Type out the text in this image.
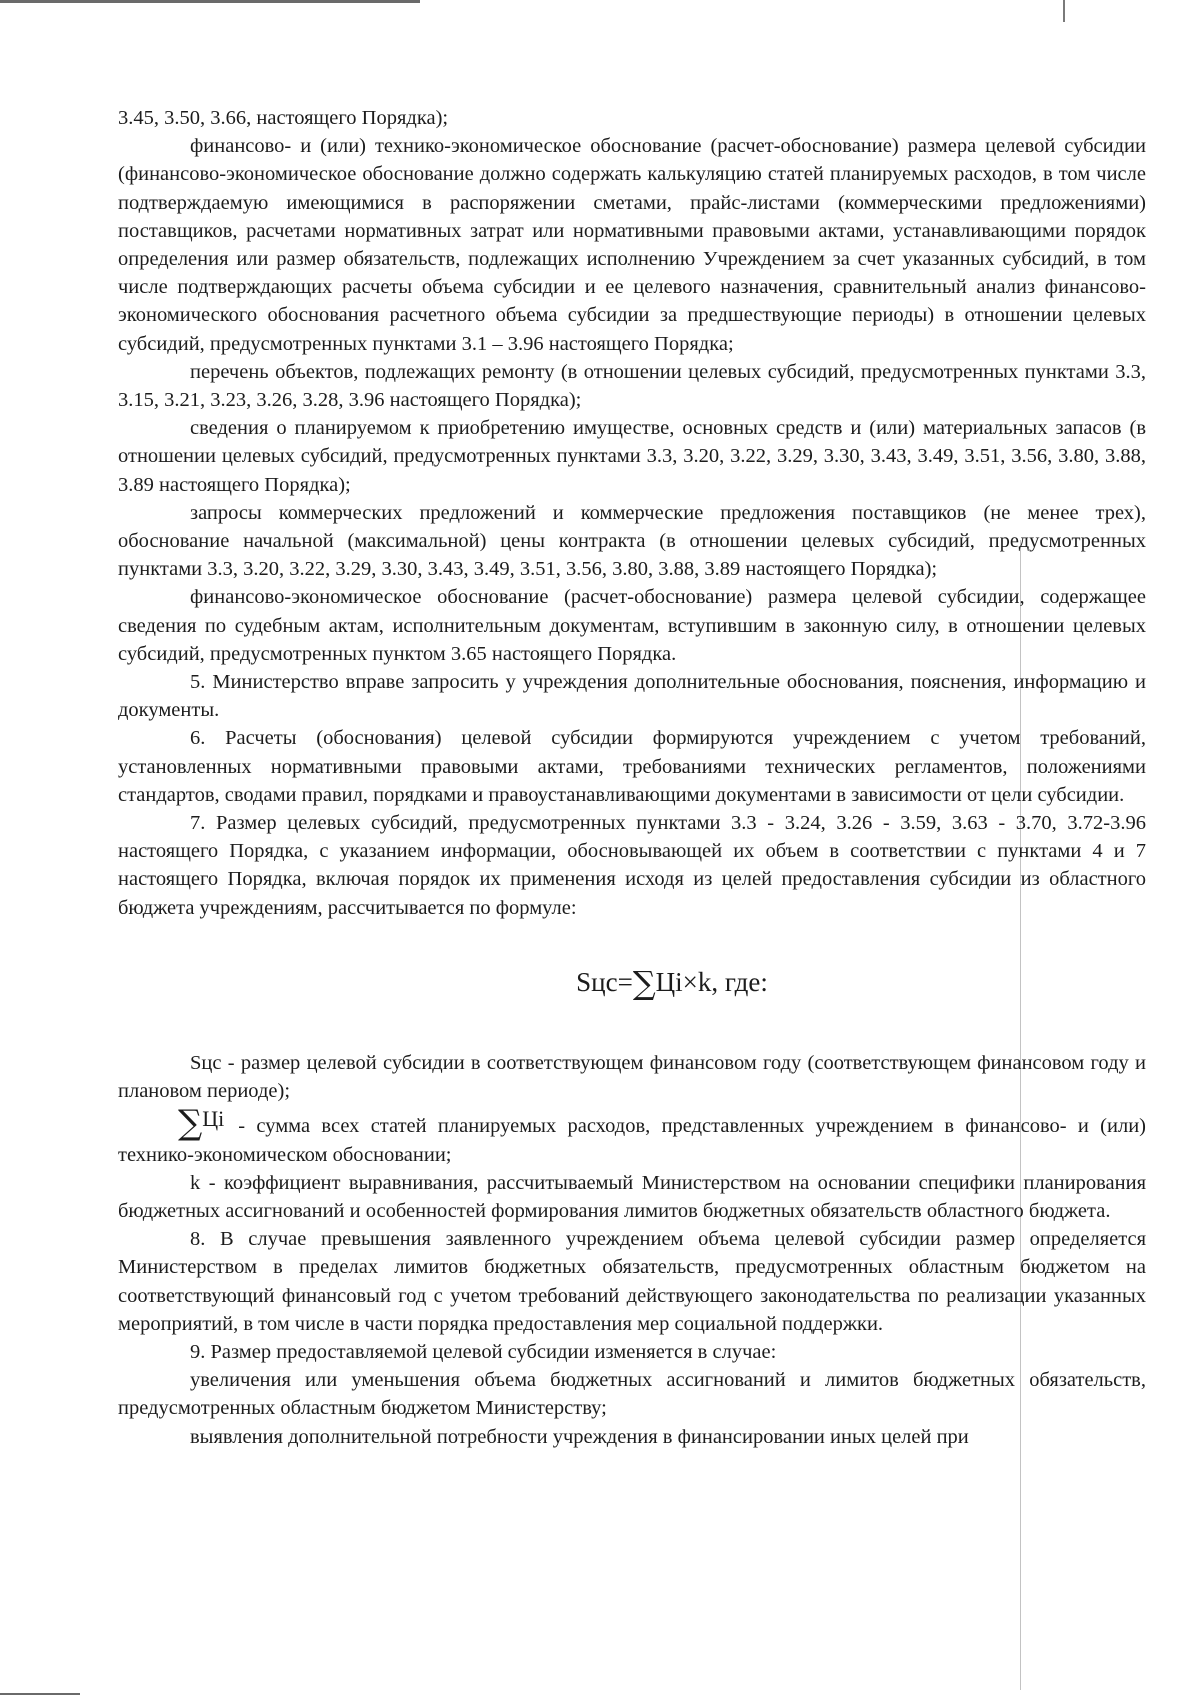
3.45, 3.50, 3.66, настоящего Порядка);

финансово- и (или) технико-экономическое обоснование (расчет-обоснование) размера целевой субсидии (финансово-экономическое обоснование должно содержать калькуляцию статей планируемых расходов, в том числе подтверждаемую имеющимися в распоряжении сметами, прайс-листами (коммерческими предложениями) поставщиков, расчетами нормативных затрат или нормативными правовыми актами, устанавливающими порядок определения или размер обязательств, подлежащих исполнению Учреждением за счет указанных субсидий, в том числе подтверждающих расчеты объема субсидии и ее целевого назначения, сравнительный анализ финансово-экономического обоснования расчетного объема субсидии за предшествующие периоды) в отношении целевых субсидий, предусмотренных пунктами 3.1 – 3.96 настоящего Порядка;

перечень объектов, подлежащих ремонту (в отношении целевых субсидий, предусмотренных пунктами 3.3, 3.15, 3.21, 3.23, 3.26, 3.28, 3.96 настоящего Порядка);

сведения о планируемом к приобретению имуществе, основных средств и (или) материальных запасов (в отношении целевых субсидий, предусмотренных пунктами 3.3, 3.20, 3.22, 3.29, 3.30, 3.43, 3.49, 3.51, 3.56, 3.80, 3.88, 3.89 настоящего Порядка);

запросы коммерческих предложений и коммерческие предложения поставщиков (не менее трех), обоснование начальной (максимальной) цены контракта (в отношении целевых субсидий, предусмотренных пунктами 3.3, 3.20, 3.22, 3.29, 3.30, 3.43, 3.49, 3.51, 3.56, 3.80, 3.88, 3.89 настоящего Порядка);

финансово-экономическое обоснование (расчет-обоснование) размера целевой субсидии, содержащее сведения по судебным актам, исполнительным документам, вступившим в законную силу, в отношении целевых субсидий, предусмотренных пунктом 3.65 настоящего Порядка.

5. Министерство вправе запросить у учреждения дополнительные обоснования, пояснения, информацию и документы.

6. Расчеты (обоснования) целевой субсидии формируются учреждением с учетом требований, установленных нормативными правовыми актами, требованиями технических регламентов, положениями стандартов, сводами правил, порядками и правоустанавливающими документами в зависимости от цели субсидии.

7. Размер целевых субсидий, предусмотренных пунктами 3.3 - 3.24, 3.26 - 3.59, 3.63 - 3.70, 3.72-3.96 настоящего Порядка, с указанием информации, обосновывающей их объем в соответствии с пунктами 4 и 7 настоящего Порядка, включая порядок их применения исходя из целей предоставления субсидии из областного бюджета учреждениям, рассчитывается по формуле:

Sцс=∑Цi×k, где:

Sцс - размер целевой субсидии в соответствующем финансовом году (соответствующем финансовом году и плановом периоде);

∑Цi - сумма всех статей планируемых расходов, представленных учреждением в финансово- и (или) технико-экономическом обосновании;

k - коэффициент выравнивания, рассчитываемый Министерством на основании специфики планирования бюджетных ассигнований и особенностей формирования лимитов бюджетных обязательств областного бюджета.

8. В случае превышения заявленного учреждением объема целевой субсидии размер определяется Министерством в пределах лимитов бюджетных обязательств, предусмотренных областным бюджетом на соответствующий финансовый год с учетом требований действующего законодательства по реализации указанных мероприятий, в том числе в части порядка предоставления мер социальной поддержки.

9. Размер предоставляемой целевой субсидии изменяется в случае:

увеличения или уменьшения объема бюджетных ассигнований и лимитов бюджетных обязательств, предусмотренных областным бюджетом Министерству;

выявления дополнительной потребности учреждения в финансировании иных целей при
